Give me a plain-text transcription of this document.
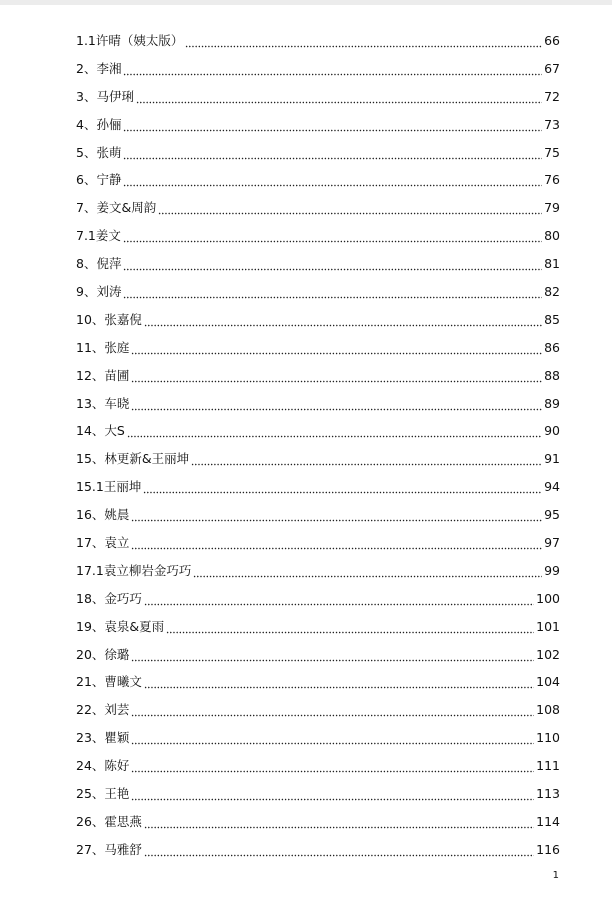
1.1许晴（姨太版）	66
2、李湘	67
3、马伊琍	72
4、孙俪	73
5、张萌	75
6、宁静	76
7、姜文&周韵	79
7.1姜文	80
8、倪萍	81
9、刘涛	82
10、张嘉倪	85
11、张庭	86
12、苗圃	88
13、车晓	89
14、大S	90
15、林更新&王丽坤	91
15.1王丽坤	94
16、姚晨	95
17、袁立	97
17.1袁立柳岩金巧巧	99
18、金巧巧	100
19、袁泉&夏雨	101
20、徐璐	102
21、曹曦文	104
22、刘芸	108
23、瞿颖	110
24、陈好	111
25、王艳	113
26、霍思燕	114
27、马雅舒	116
1
